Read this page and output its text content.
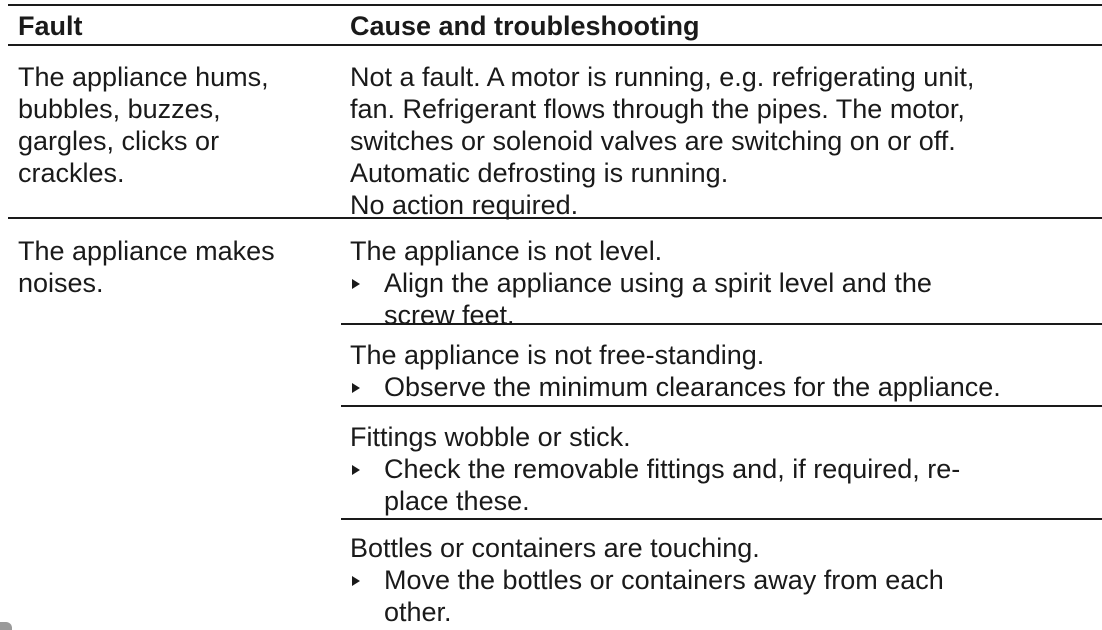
Fault	Cause and troubleshooting
The appliance hums,
bubbles, buzzes,
gargles, clicks or
crackles.
Not a fault. A motor is running, e.g. refrigerating unit,
fan. Refrigerant flows through the pipes. The motor,
switches or solenoid valves are switching on or off.
Automatic defrosting is running.
No action required.
The appliance makes
noises.
The appliance is not level.
Align the appliance using a spirit level and the
screw feet.
The appliance is not free-standing.
Observe the minimum clearances for the appliance.
Fittings wobble or stick.
Check the removable fittings and, if required, re-
place these.
Bottles or containers are touching.
Move the bottles or containers away from each
other.
